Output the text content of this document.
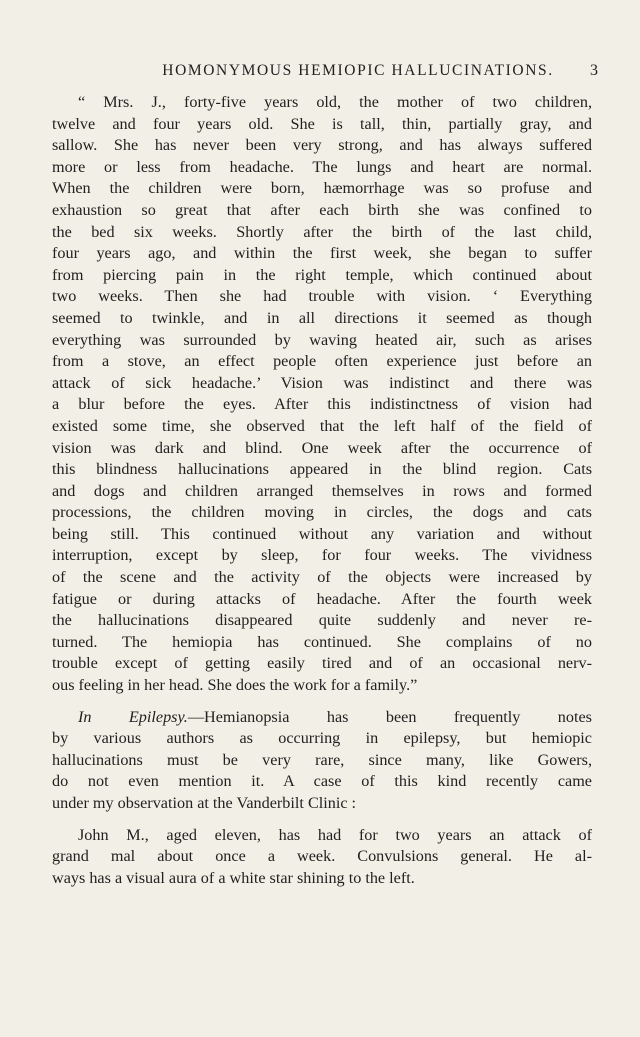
HOMONYMOUS HEMIOPIC HALLUCINATIONS. 3

“ Mrs. J., forty-five years old, the mother of two children,
twelve and four years old. She is tall, thin, partially gray, and
sallow. She has never been very strong, and has always suffered
more or less from headache. The lungs and heart are normal.
When the children were born, hæmorrhage was so profuse and
exhaustion so great that after each birth she was confined to
the bed six weeks. Shortly after the birth of the last child,
four years ago, and within the first week, she began to suffer
from piercing pain in the right temple, which continued about
two weeks. Then she had trouble with vision. ‘ Everything
seemed to twinkle, and in all directions it seemed as though
everything was surrounded by waving heated air, such as arises
from a stove, an effect people often experience just before an
attack of sick headache.’ Vision was indistinct and there was
a blur before the eyes. After this indistinctness of vision had
existed some time, she observed that the left half of the field of
vision was dark and blind. One week after the occurrence of
this blindness hallucinations appeared in the blind region. Cats
and dogs and children arranged themselves in rows and formed
processions, the children moving in circles, the dogs and cats
being still. This continued without any variation and without
interruption, except by sleep, for four weeks. The vividness
of the scene and the activity of the objects were increased by
fatigue or during attacks of headache. After the fourth week
the hallucinations disappeared quite suddenly and never re-
turned. The hemiopia has continued. She complains of no
trouble except of getting easily tired and of an occasional nerv-
ous feeling in her head. She does the work for a family.”

In Epilepsy.—Hemianopsia has been frequently notes
by various authors as occurring in epilepsy, but hemiopic
hallucinations must be very rare, since many, like Gowers,
do not even mention it. A case of this kind recently came
under my observation at the Vanderbilt Clinic :

John M., aged eleven, has had for two years an attack of
grand mal about once a week. Convulsions general. He al-
ways has a visual aura of a white star shining to the left.
